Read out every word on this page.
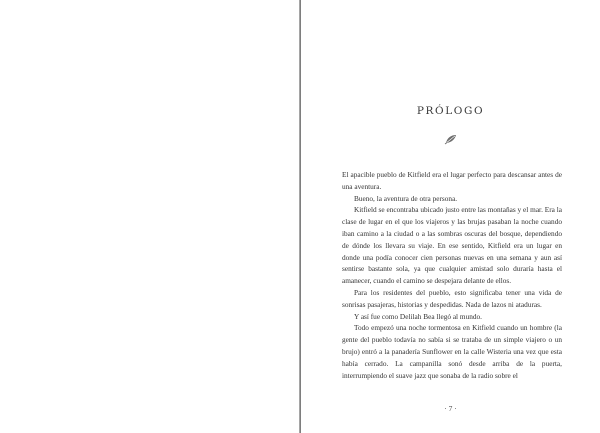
PRÓLOGO

El apacible pueblo de Kitfield era el lugar perfecto para descansar antes de una aventura.

Bueno, la aventura de otra persona.

Kitfield se encontraba ubicado justo entre las montañas y el mar. Era la clase de lugar en el que los viajeros y las brujas pasaban la noche cuando iban camino a la ciudad o a las sombras oscuras del bosque, dependiendo de dónde los llevara su viaje. En ese sentido, Kitfield era un lugar en donde una podía conocer cien personas nuevas en una semana y aun así sentirse bastante sola, ya que cualquier amistad solo duraría hasta el amanecer, cuando el camino se despejara delante de ellos.

Para los residentes del pueblo, esto significaba tener una vida de sonrisas pasajeras, historias y despedidas. Nada de lazos ni ataduras.

Y así fue como Delilah Bea llegó al mundo.

Todo empezó una noche tormentosa en Kitfield cuando un hombre (la gente del pueblo todavía no sabía si se trataba de un simple viajero o un brujo) entró a la panadería Sunflower en la calle Wisteria una vez que esta había cerrado. La campanilla sonó desde arriba de la puerta, interrumpiendo el suave jazz que sonaba de la radio sobre el

· 7 ·
